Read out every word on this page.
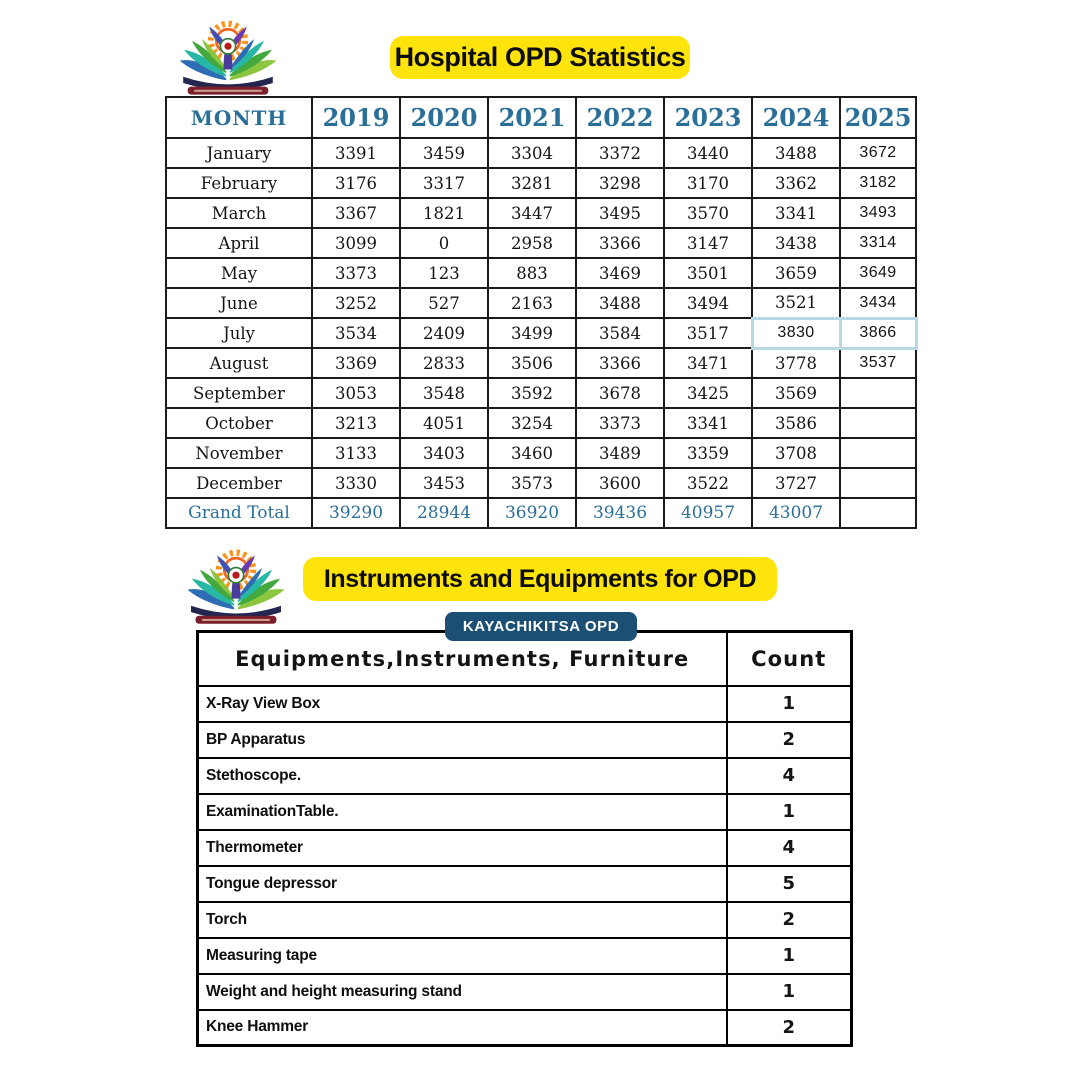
Hospital OPD Statistics
MONTH	2019	2020	2021	2022	2023	2024	2025
January	3391	3459	3304	3372	3440	3488	3672
February	3176	3317	3281	3298	3170	3362	3182
March	3367	1821	3447	3495	3570	3341	3493
April	3099	0	2958	3366	3147	3438	3314
May	3373	123	883	3469	3501	3659	3649
June	3252	527	2163	3488	3494	3521	3434
July	3534	2409	3499	3584	3517	3830	3866
August	3369	2833	3506	3366	3471	3778	3537
September	3053	3548	3592	3678	3425	3569	
October	3213	4051	3254	3373	3341	3586	
November	3133	3403	3460	3489	3359	3708	
December	3330	3453	3573	3600	3522	3727	
Grand Total	39290	28944	36920	39436	40957	43007	
Instruments and Equipments for OPD
KAYACHIKITSA OPD
Equipments,Instruments, Furniture	Count
X-Ray View Box	1
BP Apparatus	2
Stethoscope.	4
ExaminationTable.	1
Thermometer	4
Tongue depressor	5
Torch	2
Measuring tape	1
Weight and height measuring stand	1
Knee Hammer	2
